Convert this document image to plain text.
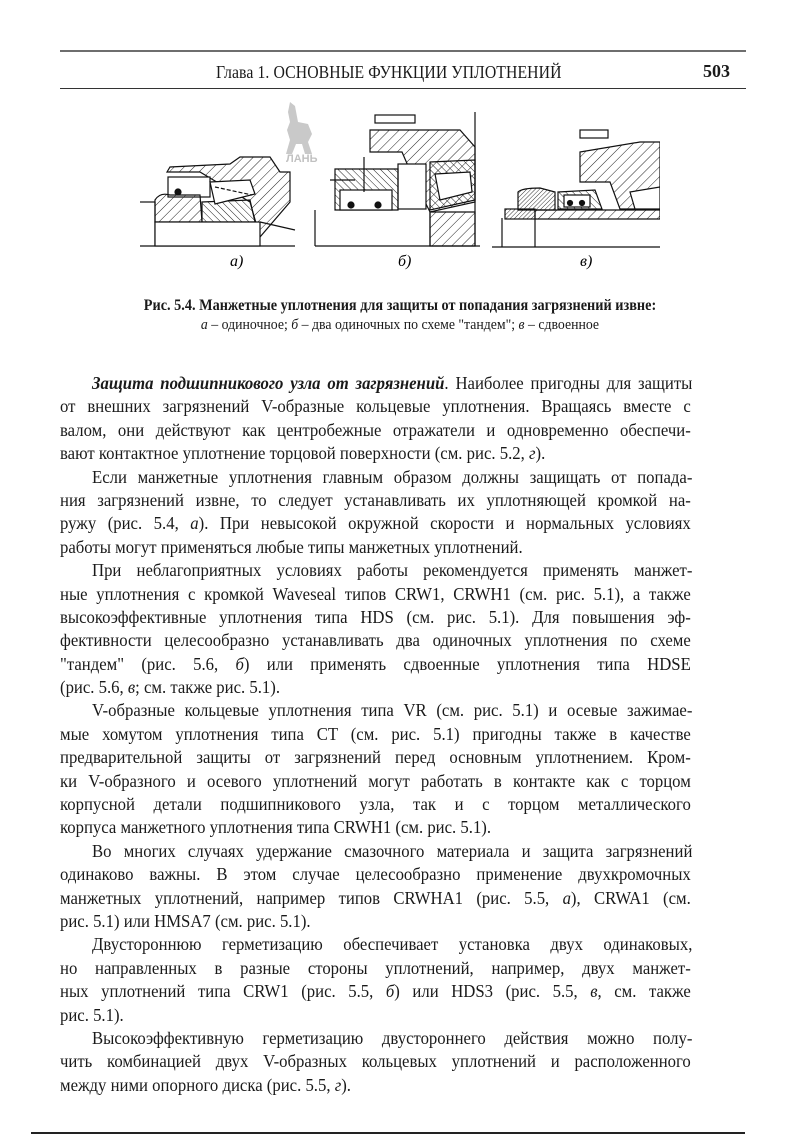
Глава 1. ОСНОВНЫЕ ФУНКЦИИ УПЛОТНЕНИЙ	503
а)	б)	в)
ЛАНЬ
Рис. 5.4. Манжетные уплотнения для защиты от попадания загрязнений извне:
а – одиночное; б – два одиночных по схеме "тандем"; в – сдвоенное

Защита подшипникового узла от загрязнений. Наиболее пригодны для защиты
от внешних загрязнений V-образные кольцевые уплотнения. Вращаясь вместе с
валом, они действуют как центробежные отражатели и одновременно обеспечи-
вают контактное уплотнение торцовой поверхности (см. рис. 5.2, г).

Если манжетные уплотнения главным образом должны защищать от попада-
ния загрязнений извне, то следует устанавливать их уплотняющей кромкой на-
ружу (рис. 5.4, а). При невысокой окружной скорости и нормальных условиях
работы могут применяться любые типы манжетных уплотнений.

При неблагоприятных условиях работы рекомендуется применять манжет-
ные уплотнения с кромкой Waveseal типов CRW1, CRWH1 (см. рис. 5.1), а также
высокоэффективные уплотнения типа HDS (см. рис. 5.1). Для повышения эф-
фективности целесообразно устанавливать два одиночных уплотнения по схеме
"тандем" (рис. 5.6, б) или применять сдвоенные уплотнения типа HDSE
(рис. 5.6, в; см. также рис. 5.1).

V-образные кольцевые уплотнения типа VR (см. рис. 5.1) и осевые зажимае-
мые хомутом уплотнения типа CT (см. рис. 5.1) пригодны также в качестве
предварительной защиты от загрязнений перед основным уплотнением. Кром-
ки V-образного и осевого уплотнений могут работать в контакте как с торцом
корпусной детали подшипникового узла, так и с торцом металлического
корпуса манжетного уплотнения типа CRWH1 (см. рис. 5.1).

Во многих случаях удержание смазочного материала и защита загрязнений
одинаково важны. В этом случае целесообразно применение двухкромочных
манжетных уплотнений, например типов CRWHA1 (рис. 5.5, а), CRWA1 (см.
рис. 5.1) или HMSA7 (см. рис. 5.1).

Двустороннюю герметизацию обеспечивает установка двух одинаковых,
но направленных в разные стороны уплотнений, например, двух манжет-
ных уплотнений типа CRW1 (рис. 5.5, б) или HDS3 (рис. 5.5, в, см. также
рис. 5.1).

Высокоэффективную герметизацию двустороннего действия можно полу-
чить комбинацией двух V-образных кольцевых уплотнений и расположенного
между ними опорного диска (рис. 5.5, г).
